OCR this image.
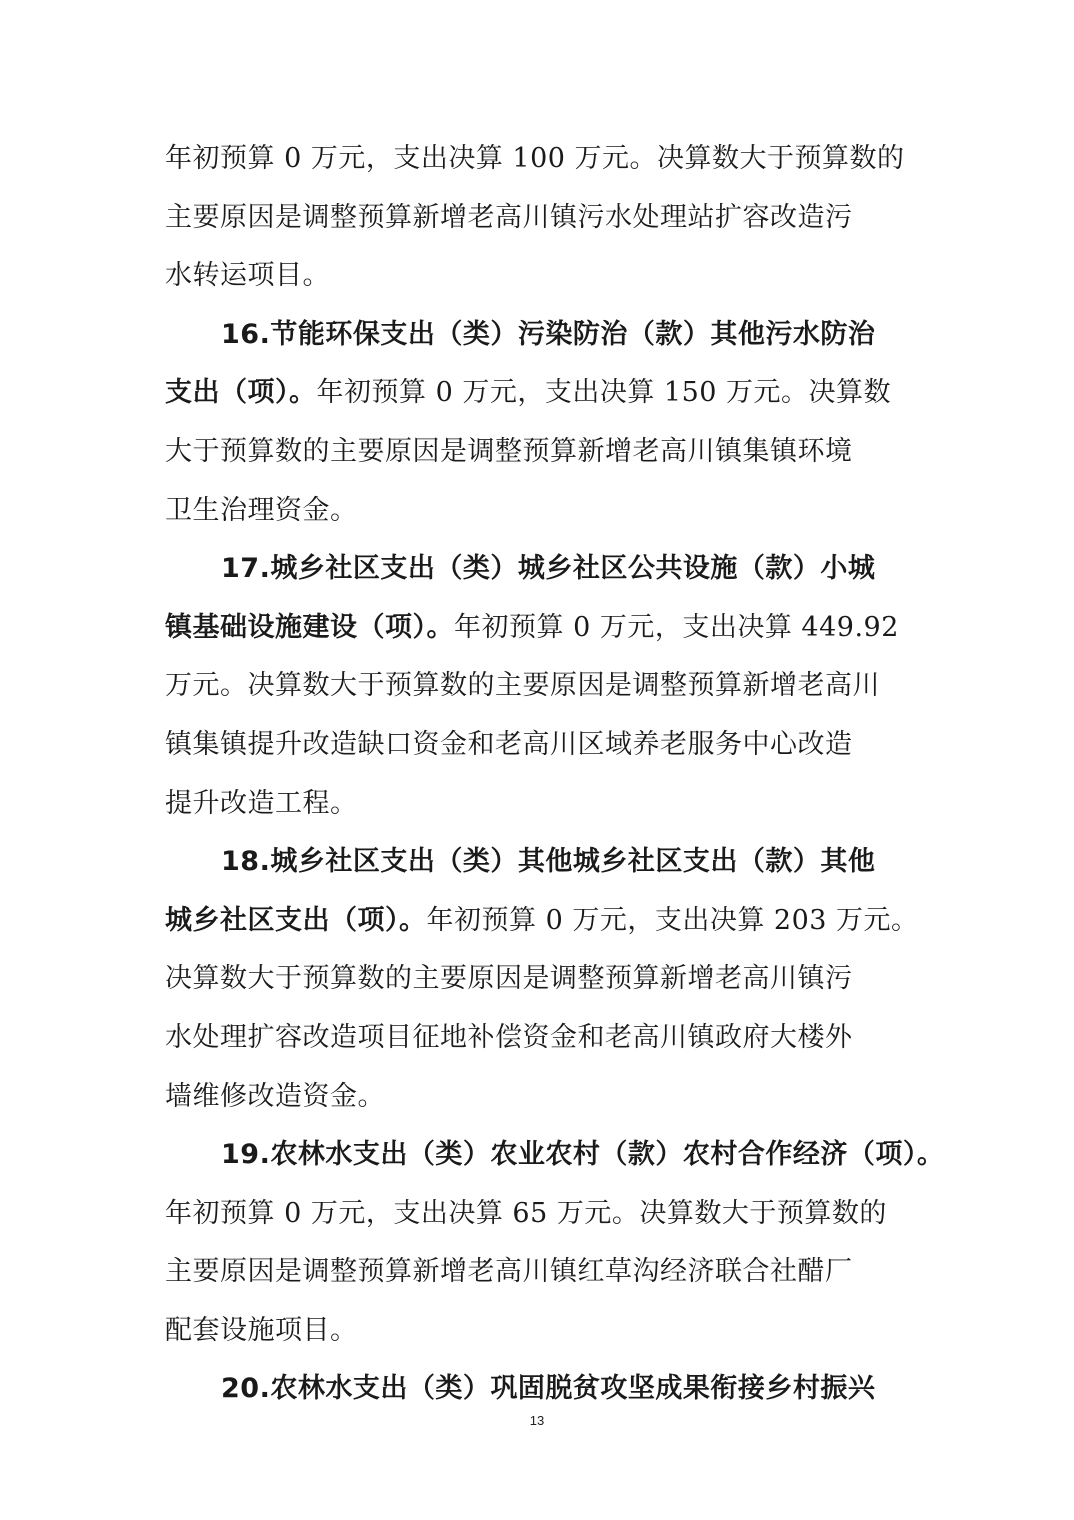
年初预算 0 万元，支出决算 100 万元。决算数大于预算数的
主要原因是调整预算新增老高川镇污水处理站扩容改造污
水转运项目。
16.节能环保支出（类）污染防治（款）其他污水防治
支出（项）。年初预算 0 万元，支出决算 150 万元。决算数
大于预算数的主要原因是调整预算新增老高川镇集镇环境
卫生治理资金。
17.城乡社区支出（类）城乡社区公共设施（款）小城
镇基础设施建设（项）。年初预算 0 万元，支出决算 449.92
万元。决算数大于预算数的主要原因是调整预算新增老高川
镇集镇提升改造缺口资金和老高川区域养老服务中心改造
提升改造工程。
18.城乡社区支出（类）其他城乡社区支出（款）其他
城乡社区支出（项）。年初预算 0 万元，支出决算 203 万元。
决算数大于预算数的主要原因是调整预算新增老高川镇污
水处理扩容改造项目征地补偿资金和老高川镇政府大楼外
墙维修改造资金。
19.农林水支出（类）农业农村（款）农村合作经济（项）。
年初预算 0 万元，支出决算 65 万元。决算数大于预算数的
主要原因是调整预算新增老高川镇红草沟经济联合社醋厂
配套设施项目。
20.农林水支出（类）巩固脱贫攻坚成果衔接乡村振兴
13
